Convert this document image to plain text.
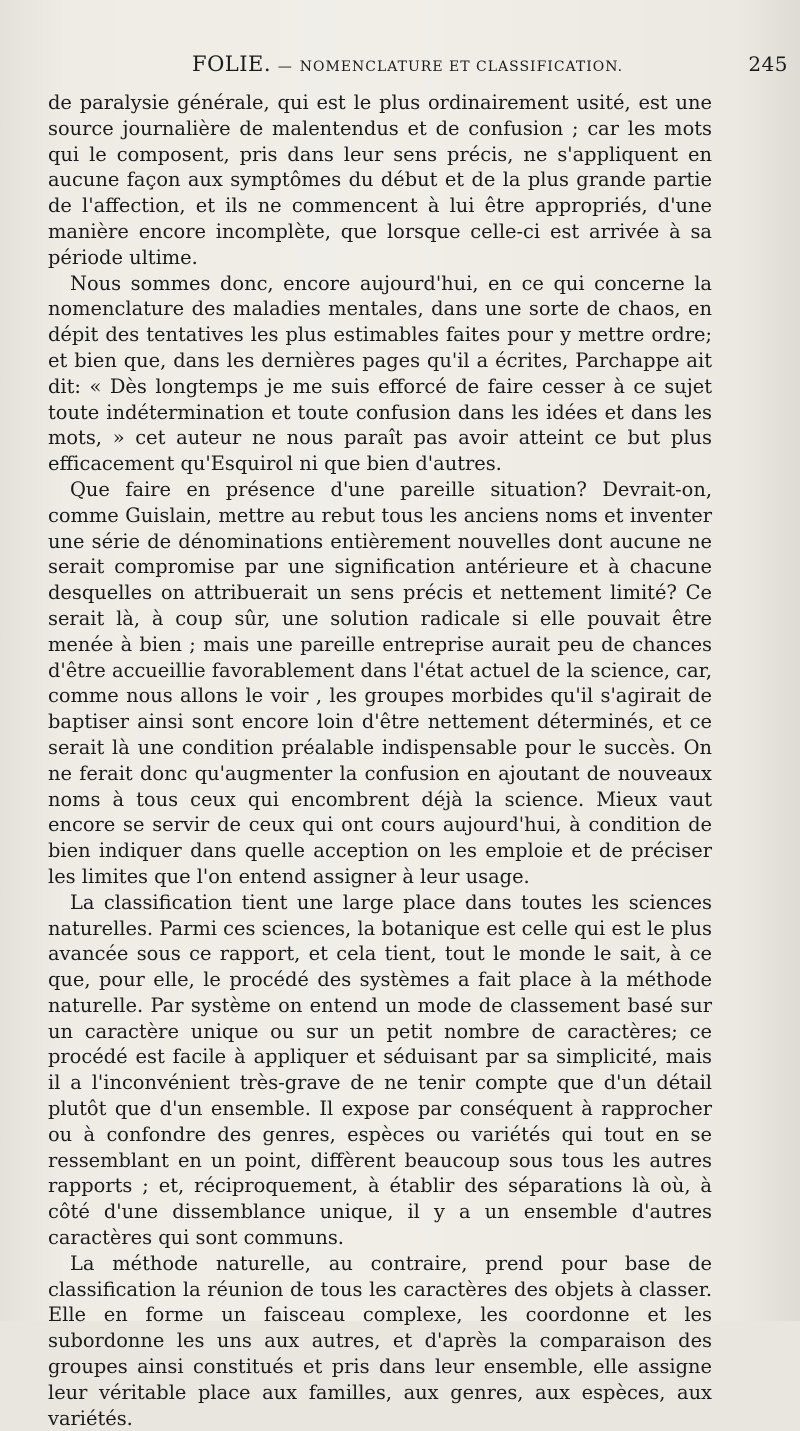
FOLIE. — NOMENCLATURE ET CLASSIFICATION.	245

de paralysie générale, qui est le plus ordinairement usité, est une source journalière de malentendus et de confusion ; car les mots qui le composent, pris dans leur sens précis, ne s'appliquent en aucune façon aux symptômes du début et de la plus grande partie de l'affection, et ils ne commencent à lui être appropriés, d'une manière encore incomplète, que lorsque celle-ci est arrivée à sa période ultime.

Nous sommes donc, encore aujourd'hui, en ce qui concerne la nomenclature des maladies mentales, dans une sorte de chaos, en dépit des tentatives les plus estimables faites pour y mettre ordre; et bien que, dans les dernières pages qu'il a écrites, Parchappe ait dit: « Dès longtemps je me suis efforcé de faire cesser à ce sujet toute indétermination et toute confusion dans les idées et dans les mots, » cet auteur ne nous paraît pas avoir atteint ce but plus efficacement qu'Esquirol ni que bien d'autres.

Que faire en présence d'une pareille situation? Devrait-on, comme Guislain, mettre au rebut tous les anciens noms et inventer une série de dénominations entièrement nouvelles dont aucune ne serait compromise par une signification antérieure et à chacune desquelles on attribuerait un sens précis et nettement limité? Ce serait là, à coup sûr, une solution radicale si elle pouvait être menée à bien ; mais une pareille entreprise aurait peu de chances d'être accueillie favorablement dans l'état actuel de la science, car, comme nous allons le voir , les groupes morbides qu'il s'agirait de baptiser ainsi sont encore loin d'être nettement déterminés, et ce serait là une condition préalable indispensable pour le succès. On ne ferait donc qu'augmenter la confusion en ajoutant de nouveaux noms à tous ceux qui encombrent déjà la science. Mieux vaut encore se servir de ceux qui ont cours aujourd'hui, à condition de bien indiquer dans quelle acception on les emploie et de préciser les limites que l'on entend assigner à leur usage.

La classification tient une large place dans toutes les sciences naturelles. Parmi ces sciences, la botanique est celle qui est le plus avancée sous ce rapport, et cela tient, tout le monde le sait, à ce que, pour elle, le procédé des systèmes a fait place à la méthode naturelle. Par système on entend un mode de classement basé sur un caractère unique ou sur un petit nombre de caractères; ce procédé est facile à appliquer et séduisant par sa simplicité, mais il a l'inconvénient très-grave de ne tenir compte que d'un détail plutôt que d'un ensemble. Il expose par conséquent à rapprocher ou à confondre des genres, espèces ou variétés qui tout en se ressemblant en un point, diffèrent beaucoup sous tous les autres rapports ; et, réciproquement, à établir des séparations là où, à côté d'une dissemblance unique, il y a un ensemble d'autres caractères qui sont communs.

La méthode naturelle, au contraire, prend pour base de classification la réunion de tous les caractères des objets à classer. Elle en forme un faisceau complexe, les coordonne et les subordonne les uns aux autres, et d'après la comparaison des groupes ainsi constitués et pris dans leur ensemble, elle assigne leur véritable place aux familles, aux genres, aux espèces, aux variétés.
